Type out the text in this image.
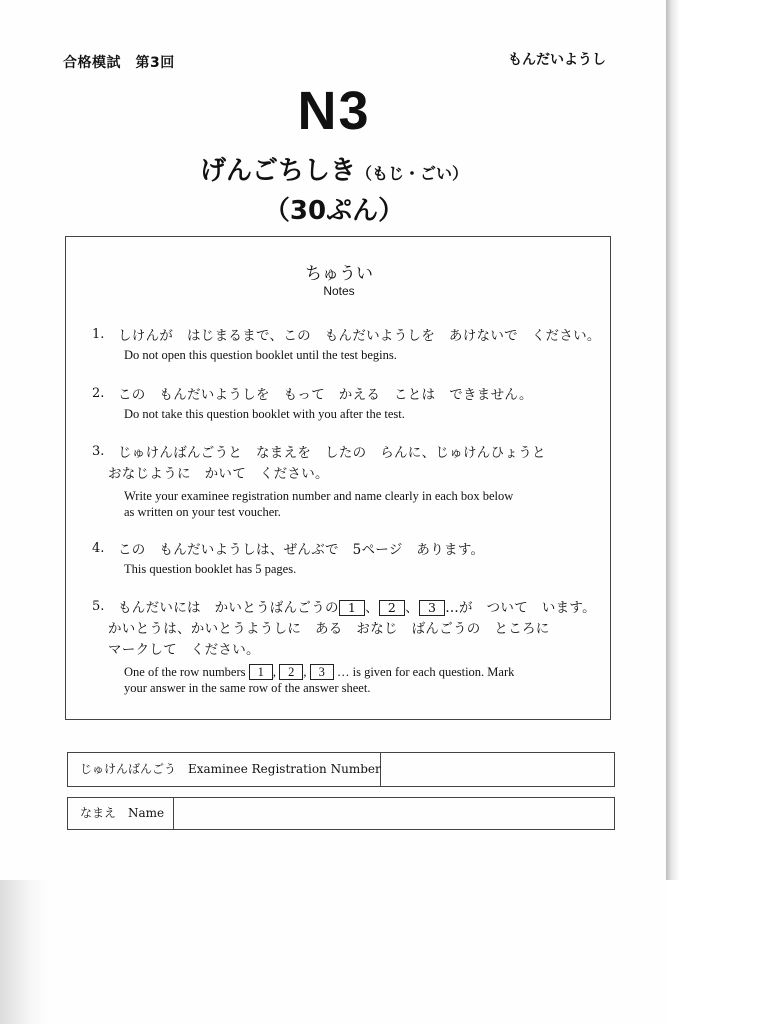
合格模試　第3回	もんだいようし
N3
げんごちしき（もじ・ごい）
（30ぷん）
ちゅうい
Notes
1. しけんが　はじまるまで、この　もんだいようしを　あけないで　ください。
Do not open this question booklet until the test begins.
2. この　もんだいようしを　もって　かえる　ことは　できません。
Do not take this question booklet with you after the test.
3. じゅけんばんごうと　なまえを　したの　らんに、じゅけんひょうと
おなじように　かいて　ください。
Write your examinee registration number and name clearly in each box below
as written on your test voucher.
4. この　もんだいようしは、ぜんぶで　5ページ　あります。
This question booklet has 5 pages.
5. もんだいには　かいとうばんごうの 1 、 2 、 3 …が　ついて　います。
かいとうは、かいとうようしに　ある　おなじ　ばんごうの　ところに
マークして　ください。
One of the row numbers 1 , 2 , 3 … is given for each question. Mark
your answer in the same row of the answer sheet.
じゅけんばんごう　Examinee Registration Number
なまえ　Name
